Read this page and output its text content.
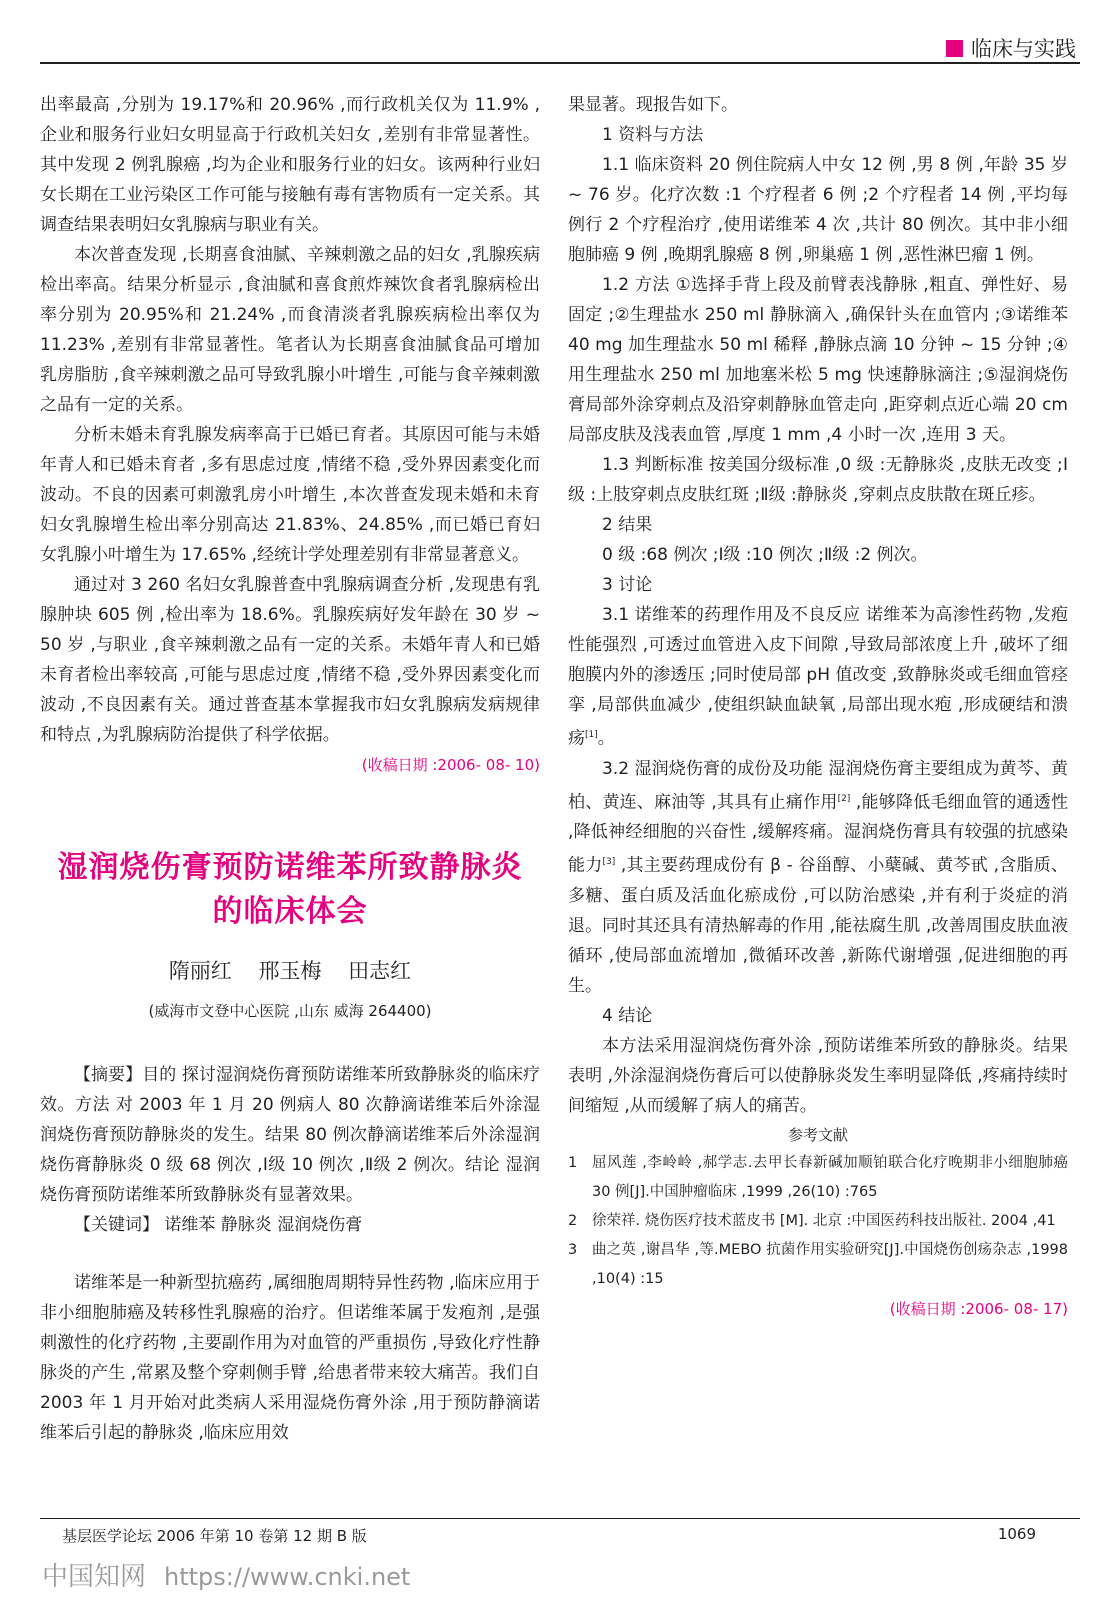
临床与实践

出率最高 ,分别为 19.17%和 20.96% ,而行政机关仅为 11.9% ,企业和服务行业妇女明显高于行政机关妇女 ,差别有非常显著性。其中发现 2 例乳腺癌 ,均为企业和服务行业的妇女。该两种行业妇女长期在工业污染区工作可能与接触有毒有害物质有一定关系。其调查结果表明妇女乳腺病与职业有关。

本次普查发现 ,长期喜食油腻、辛辣刺激之品的妇女 ,乳腺疾病检出率高。结果分析显示 ,食油腻和喜食煎炸辣饮食者乳腺病检出率分别为 20.95%和 21.24% ,而食清淡者乳腺疾病检出率仅为 11.23% ,差别有非常显著性。笔者认为长期喜食油腻食品可增加乳房脂肪 ,食辛辣刺激之品可导致乳腺小叶增生 ,可能与食辛辣刺激之品有一定的关系。

分析未婚未育乳腺发病率高于已婚已育者。其原因可能与未婚年青人和已婚未育者 ,多有思虑过度 ,情绪不稳 ,受外界因素变化而波动。不良的因素可刺激乳房小叶增生 ,本次普查发现未婚和未育妇女乳腺增生检出率分别高达 21.83%、24.85% ,而已婚已育妇女乳腺小叶增生为 17.65% ,经统计学处理差别有非常显著意义。

通过对 3 260 名妇女乳腺普查中乳腺病调查分析 ,发现患有乳腺肿块 605 例 ,检出率为 18.6%。乳腺疾病好发年龄在 30 岁 ~ 50 岁 ,与职业 ,食辛辣刺激之品有一定的关系。未婚年青人和已婚未育者检出率较高 ,可能与思虑过度 ,情绪不稳 ,受外界因素变化而波动 ,不良因素有关。通过普查基本掌握我市妇女乳腺病发病规律和特点 ,为乳腺病防治提供了科学依据。

(收稿日期 :2006- 08- 10)

湿润烧伤膏预防诺维苯所致静脉炎
的临床体会

隋丽红 邢玉梅 田志红

(威海市文登中心医院 ,山东 威海 264400)

【摘要】目的 探讨湿润烧伤膏预防诺维苯所致静脉炎的临床疗效。方法 对 2003 年 1 月 20 例病人 80 次静滴诺维苯后外涂湿润烧伤膏预防静脉炎的发生。结果 80 例次静滴诺维苯后外涂湿润烧伤膏静脉炎 0 级 68 例次 ,Ⅰ级 10 例次 ,Ⅱ级 2 例次。结论 湿润烧伤膏预防诺维苯所致静脉炎有显著效果。

【关键词】 诺维苯 静脉炎 湿润烧伤膏

诺维苯是一种新型抗癌药 ,属细胞周期特异性药物 ,临床应用于非小细胞肺癌及转移性乳腺癌的治疗。但诺维苯属于发疱剂 ,是强刺激性的化疗药物 ,主要副作用为对血管的严重损伤 ,导致化疗性静脉炎的产生 ,常累及整个穿刺侧手臂 ,给患者带来较大痛苦。我们自 2003 年 1 月开始对此类病人采用湿烧伤膏外涂 ,用于预防静滴诺维苯后引起的静脉炎 ,临床应用效

果显著。现报告如下。

1 资料与方法

1.1 临床资料 20 例住院病人中女 12 例 ,男 8 例 ,年龄 35 岁 ~ 76 岁。化疗次数 :1 个疗程者 6 例 ;2 个疗程者 14 例 ,平均每例行 2 个疗程治疗 ,使用诺维苯 4 次 ,共计 80 例次。其中非小细胞肺癌 9 例 ,晚期乳腺癌 8 例 ,卵巢癌 1 例 ,恶性淋巴瘤 1 例。

1.2 方法 ①选择手背上段及前臂表浅静脉 ,粗直、弹性好、易固定 ;②生理盐水 250 ml 静脉滴入 ,确保针头在血管内 ;③诺维苯 40 mg 加生理盐水 50 ml 稀释 ,静脉点滴 10 分钟 ~ 15 分钟 ;④用生理盐水 250 ml 加地塞米松 5 mg 快速静脉滴注 ;⑤湿润烧伤膏局部外涂穿刺点及沿穿刺静脉血管走向 ,距穿刺点近心端 20 cm局部皮肤及浅表血管 ,厚度 1 mm ,4 小时一次 ,连用 3 天。

1.3 判断标准 按美国分级标准 ,0 级 :无静脉炎 ,皮肤无改变 ;Ⅰ级 :上肢穿刺点皮肤红斑 ;Ⅱ级 :静脉炎 ,穿刺点皮肤散在斑丘疹。

2 结果

0 级 :68 例次 ;Ⅰ级 :10 例次 ;Ⅱ级 :2 例次。

3 讨论

3.1 诺维苯的药理作用及不良反应 诺维苯为高渗性药物 ,发疱性能强烈 ,可透过血管进入皮下间隙 ,导致局部浓度上升 ,破坏了细胞膜内外的渗透压 ;同时使局部 pH 值改变 ,致静脉炎或毛细血管痉挛 ,局部供血减少 ,使组织缺血缺氧 ,局部出现水疱 ,形成硬结和溃疡[1]。

3.2 湿润烧伤膏的成份及功能 湿润烧伤膏主要组成为黄芩、黄柏、黄连、麻油等 ,其具有止痛作用[2] ,能够降低毛细血管的通透性 ,降低神经细胞的兴奋性 ,缓解疼痛。湿润烧伤膏具有较强的抗感染能力[3] ,其主要药理成份有 β - 谷甾醇、小蘖碱、黄芩甙 ,含脂质、多糖、蛋白质及活血化瘀成份 ,可以防治感染 ,并有利于炎症的消退。同时其还具有清热解毒的作用 ,能祛腐生肌 ,改善周围皮肤血液循环 ,使局部血流增加 ,微循环改善 ,新陈代谢增强 ,促进细胞的再生。

4 结论

本方法采用湿润烧伤膏外涂 ,预防诺维苯所致的静脉炎。结果表明 ,外涂湿润烧伤膏后可以使静脉炎发生率明显降低 ,疼痛持续时间缩短 ,从而缓解了病人的痛苦。

参考文献

1	屈风莲 ,李岭岭 ,郝学志.去甲长春新碱加顺铂联合化疗晚期非小细胞肺癌 30 例[J].中国肿瘤临床 ,1999 ,26(10) :765
2	徐荣祥. 烧伤医疗技术蓝皮书 [M]. 北京 :中国医药科技出版社. 2004 ,41
3	曲之英 ,谢昌华 ,等.MEBO 抗菌作用实验研究[J].中国烧伤创疡杂志 ,1998 ,10(4) :15

(收稿日期 :2006- 08- 17)

基层医学论坛 2006 年第 10 卷第 12 期 B 版	1069
中国知网 https://www.cnki.net
